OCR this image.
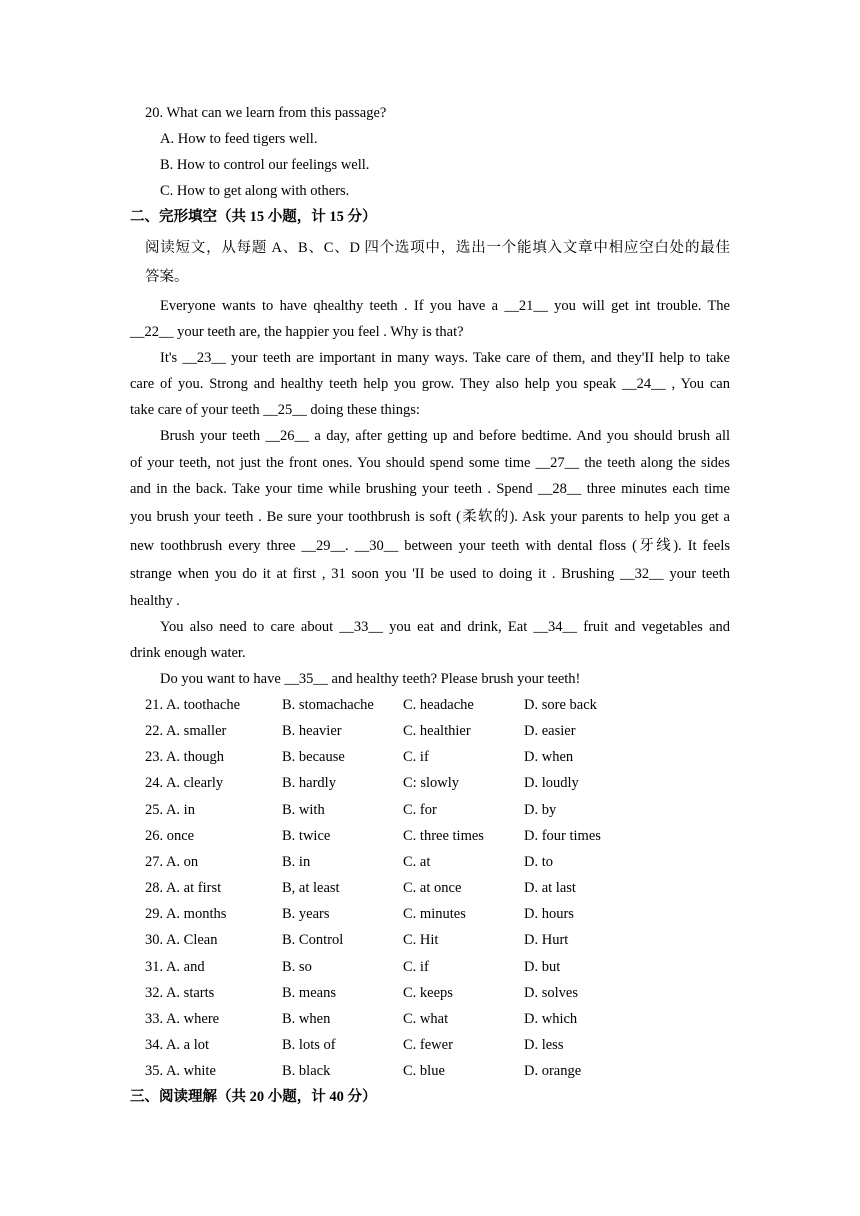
20. What can we learn from this passage?
A. How to feed tigers well.
B. How to control our feelings well.
C. How to get along with others.
二、完形填空（共 15 小题，计 15 分）
阅读短文，从每题 A、B、C、D 四个选项中，选出一个能填入文章中相应空白处的最佳
答案。
Everyone wants to have qhealthy teeth . If you have a __21__ you will get int trouble. The
__22__ your teeth are, the happier you feel . Why is that?
It's __23__ your teeth are important in many ways. Take care of them, and they'II help to take
care of you. Strong and healthy teeth help you grow. They also help you speak __24__ , You can
take care of your teeth __25__ doing these things:
Brush your teeth __26__ a day, after getting up and before bedtime. And you should brush all
of your teeth, not just the front ones. You should spend some time __27__ the teeth along the sides
and in the back. Take your time while brushing your teeth . Spend __28__ three minutes each time
you brush your teeth . Be sure your toothbrush is soft (柔软的). Ask your parents to help you get a
new toothbrush every three __29__. __30__ between your teeth with dental floss (牙线). It feels
strange when you do it at first , 31 soon you 'II be used to doing it . Brushing __32__ your teeth
healthy .
You also need to care about __33__ you eat and drink, Eat __34__ fruit and vegetables and
drink enough water.
Do you want to have __35__ and healthy teeth? Please brush your teeth!
21. A. toothache	B. stomachache C. headache	D. sore back
22. A. smaller	B. heavier	C. healthier	D. easier
23. A. though	B. because	C. if	D. when
24. A. clearly	B. hardly	C: slowly	D. loudly
25. A. in	B. with	C. for	D. by
26. once	B. twice	C. three times	D. four times
27. A. on	B. in	C. at	D. to
28. A. at first	B, at least	C. at once	D. at last
29. A. months	B. years	C. minutes	D. hours
30. A. Clean	B. Control	C. Hit	D. Hurt
31. A. and	B. so	C. if	D. but
32. A. starts	B. means	C. keeps	D. solves
33. A. where	B. when	C. what	D. which
34. A. a lot	B. lots of	C. fewer	D. less
35. A. white	B. black	C. blue	D. orange
三、阅读理解（共 20 小题，计 40 分）
